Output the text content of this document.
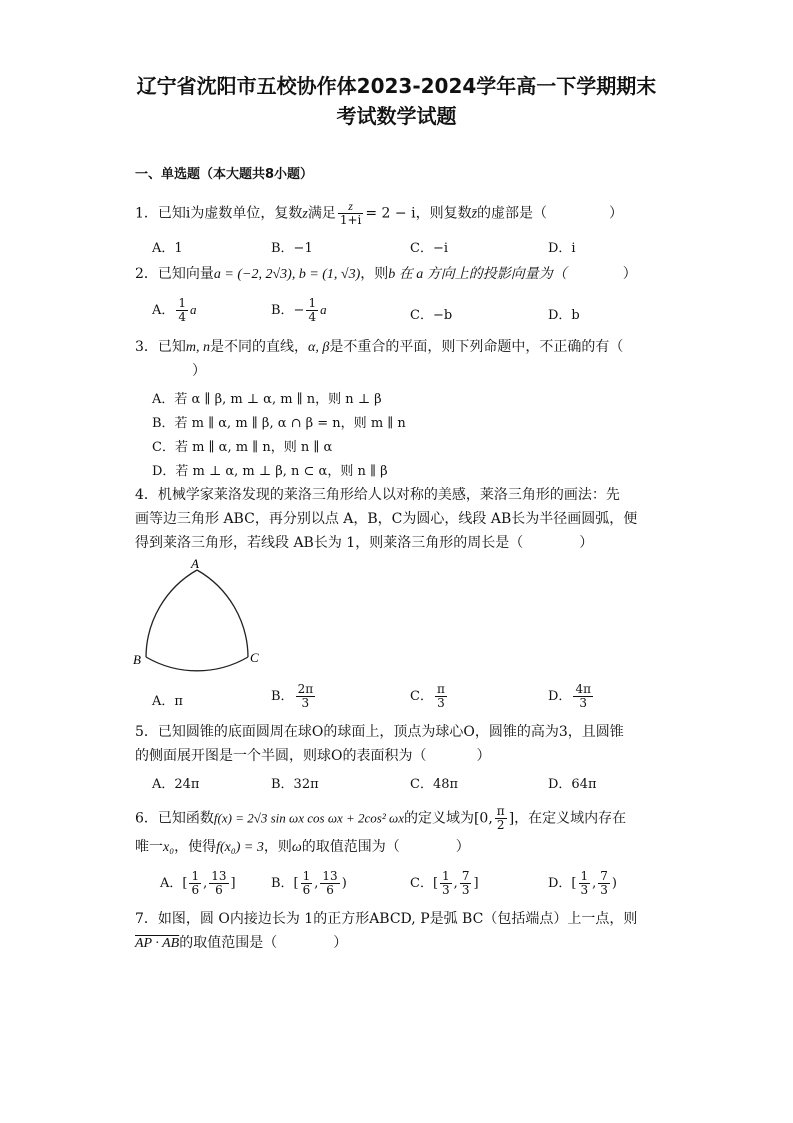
辽宁省沈阳市五校协作体2023-2024学年高一下学期期末
考试数学试题
一、单选题（本大题共8小题）
1．已知i为虚数单位，复数z满足 $\frac{z}{1+i} = 2 - i$，则复数z̄的虚部是（	）
A．1	B．−1	C．−i	D．i
2．已知向量a = (−2, 2√3), b = (1, √3)，则b 在 a 方向上的投影向量为（	）
A． $\frac{1}{4}$ a	B．− $\frac{1}{4}$ a	C．−b	D．b
3．已知m, n是不同的直线，α, β是不重合的平面，则下列命题中，不正确的有（
）
A．若 α ∥ β, m ⊥ α, m ∥ n，则 n ⊥ β
B．若 m ∥ α, m ∥ β, α ∩ β = n，则 m ∥ n
C．若 m ∥ α, m ∥ n，则 n ∥ α
D．若 m ⊥ α, m ⊥ β, n ⊂ α，则 n ∥ β
4．机械学家莱洛发现的莱洛三角形给人以对称的美感，莱洛三角形的画法：先
画等边三角形 ABC，再分别以点 A，B，C为圆心，线段 AB长为半径画圆弧，便
得到莱洛三角形，若线段 AB长为 1，则莱洛三角形的周长是（	）
A
B	C
A．π	B． $\frac{2\pi}{3}$	C． $\frac{\pi}{3}$	D． $\frac{4\pi}{3}$
5．已知圆锥的底面圆周在球O的球面上，顶点为球心O，圆锥的高为3，且圆锥
的侧面展开图是一个半圆，则球O的表面积为（	）
A．24π	B．32π	C．48π	D．64π
6．已知函数f(x) = 2√3 sin ωx cos ωx + 2cos² ωx的定义域为[0, $\frac{\pi}{2}$ ]，在定义域内存在
唯一x₀，使得f(x₀) = 3，则ω的取值范围为（	）
A．[ $\frac{1}{6}$ , $\frac{13}{6}$ ]	B．[ $\frac{1}{6}$ , $\frac{13}{6}$ )	C．[ $\frac{1}{3}$ , $\frac{7}{3}$ ]	D．[ $\frac{1}{3}$ , $\frac{7}{3}$ )
7．如图，圆 O内接边长为 1的正方形ABCD, P是弧 BC（包括端点）上一点，则
AP · AB的取值范围是（	）
